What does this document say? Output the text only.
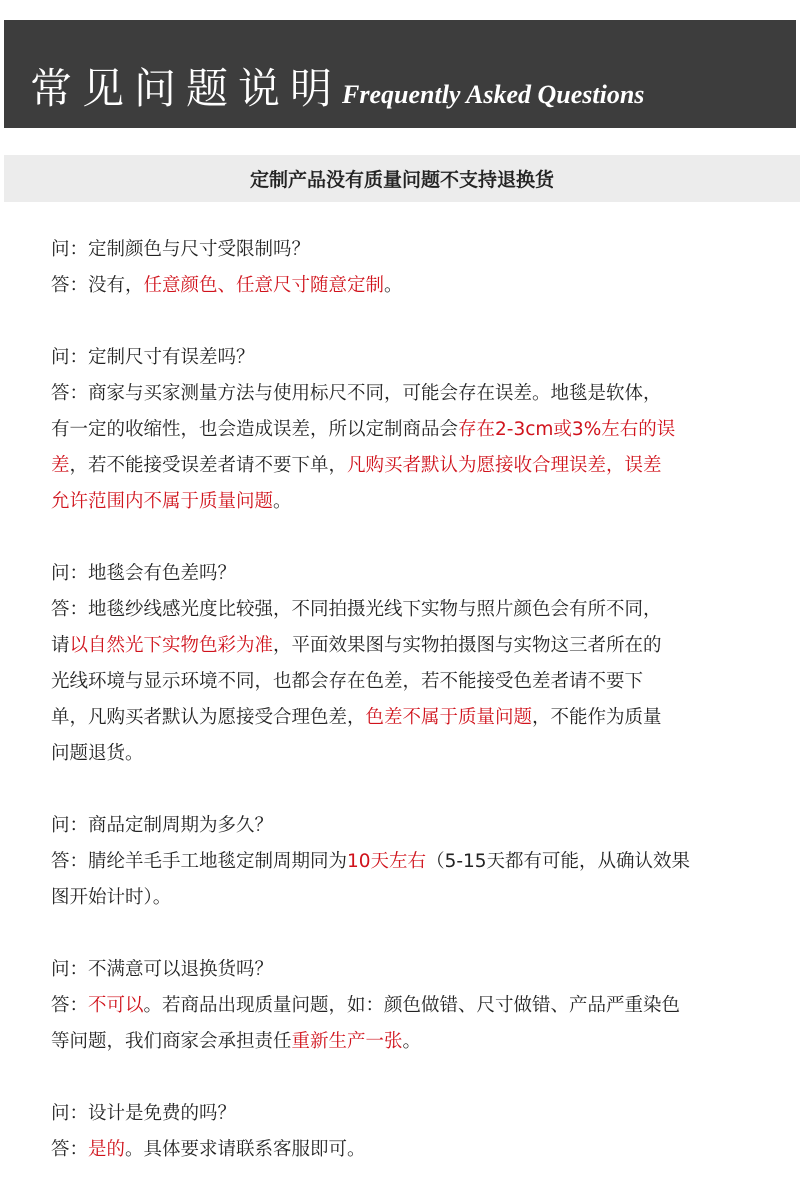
常见问题说明 Frequently Asked Questions
定制产品没有质量问题不支持退换货

问：定制颜色与尺寸受限制吗？

答：没有，任意颜色、任意尺寸随意定制。

问：定制尺寸有误差吗？

答：商家与买家测量方法与使用标尺不同，可能会存在误差。地毯是软体，

有一定的收缩性，也会造成误差，所以定制商品会存在2-3cm或3%左右的误

差，若不能接受误差者请不要下单，凡购买者默认为愿接收合理误差，误差

允许范围内不属于质量问题。

问：地毯会有色差吗？

答：地毯纱线感光度比较强，不同拍摄光线下实物与照片颜色会有所不同，

请以自然光下实物色彩为准，平面效果图与实物拍摄图与实物这三者所在的

光线环境与显示环境不同，也都会存在色差，若不能接受色差者请不要下

单，凡购买者默认为愿接受合理色差，色差不属于质量问题，不能作为质量

问题退货。

问：商品定制周期为多久？

答：腈纶羊毛手工地毯定制周期同为10天左右（5-15天都有可能，从确认效果

图开始计时）。

问：不满意可以退换货吗？

答：不可以。若商品出现质量问题，如：颜色做错、尺寸做错、产品严重染色

等问题，我们商家会承担责任重新生产一张。

问：设计是免费的吗？

答：是的。具体要求请联系客服即可。
